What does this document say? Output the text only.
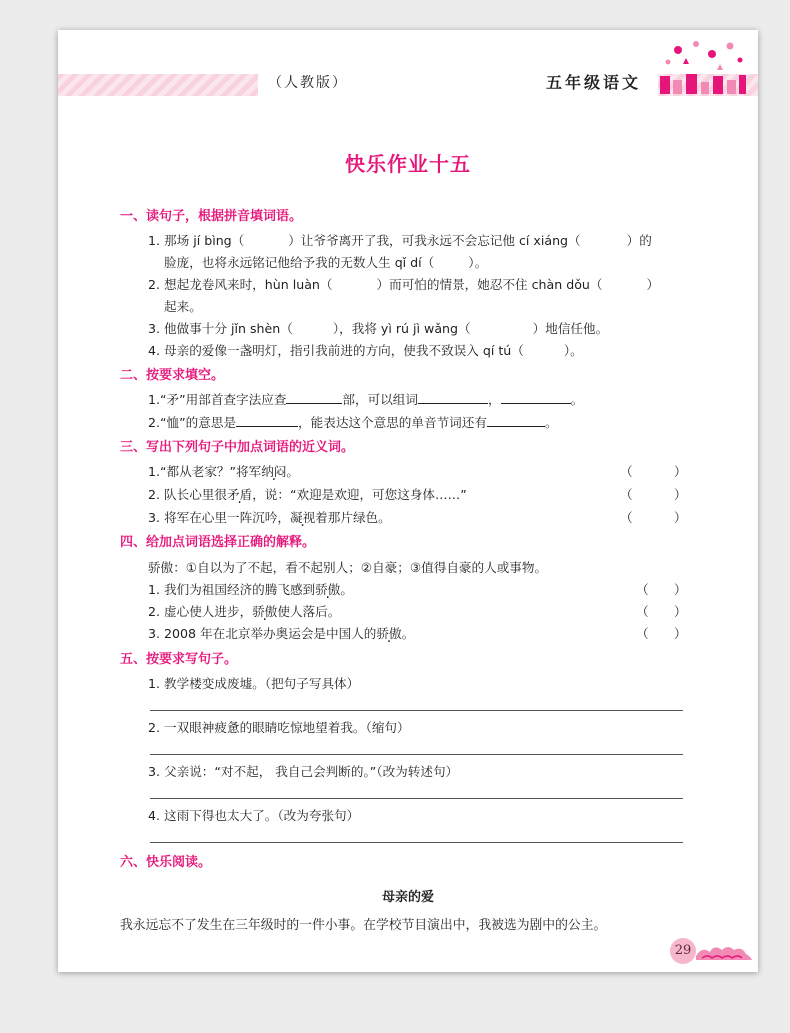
（人教版）	五年级语文
快乐作业十五
一、读句子，根据拼音填词语。
1. 那场 jí bìng（	）让爷爷离开了我，可我永远不会忘记他 cí xiáng（	）的
脸庞，也将永远铭记他给予我的无数人生 qǐ dí（	）。
2. 想起龙卷风来时，hùn luàn（	）而可怕的情景，她忍不住 chàn dǒu（	）
起来。
3. 他做事十分 jǐn shèn（	），我将 yì rú jì wǎng（	）地信任他。
4. 母亲的爱像一盏明灯，指引我前进的方向，使我不致误入 qí tú（	）。
二、按要求填空。
1.“矛”用部首查字法应查	部，可以组词	，	。
2.“恤”的意思是	，能表达这个意思的单音节词还有	。
三、写出下列句子中加点词语的近义词。
1.“都从老家？”将军纳闷。
2. 队长心里很矛盾，说：“欢迎是欢迎，可您这身体……”
3. 将军在心里一阵沉吟，凝视着那片绿色。
（	）
（	）
（	）
四、给加点词语选择正确的解释。
骄傲：①自以为了不起，看不起别人；②自豪；③值得自豪的人或事物。
1. 我们为祖国经济的腾飞感到骄傲。
2. 虚心使人进步，骄傲使人落后。
3. 2008 年在北京举办奥运会是中国人的骄傲。
（ ）
（ ）
（ ）
五、按要求写句子。
1. 教学楼变成废墟。（把句子写具体）
2. 一双眼神疲惫的眼睛吃惊地望着我。（缩句）
3. 父亲说：“对不起， 我自己会判断的。”（改为转述句）
4. 这雨下得也太大了。（改为夸张句）
六、快乐阅读。
母亲的爱
我永远忘不了发生在三年级时的一件小事。在学校节目演出中，我被选为剧中的公主。
29
